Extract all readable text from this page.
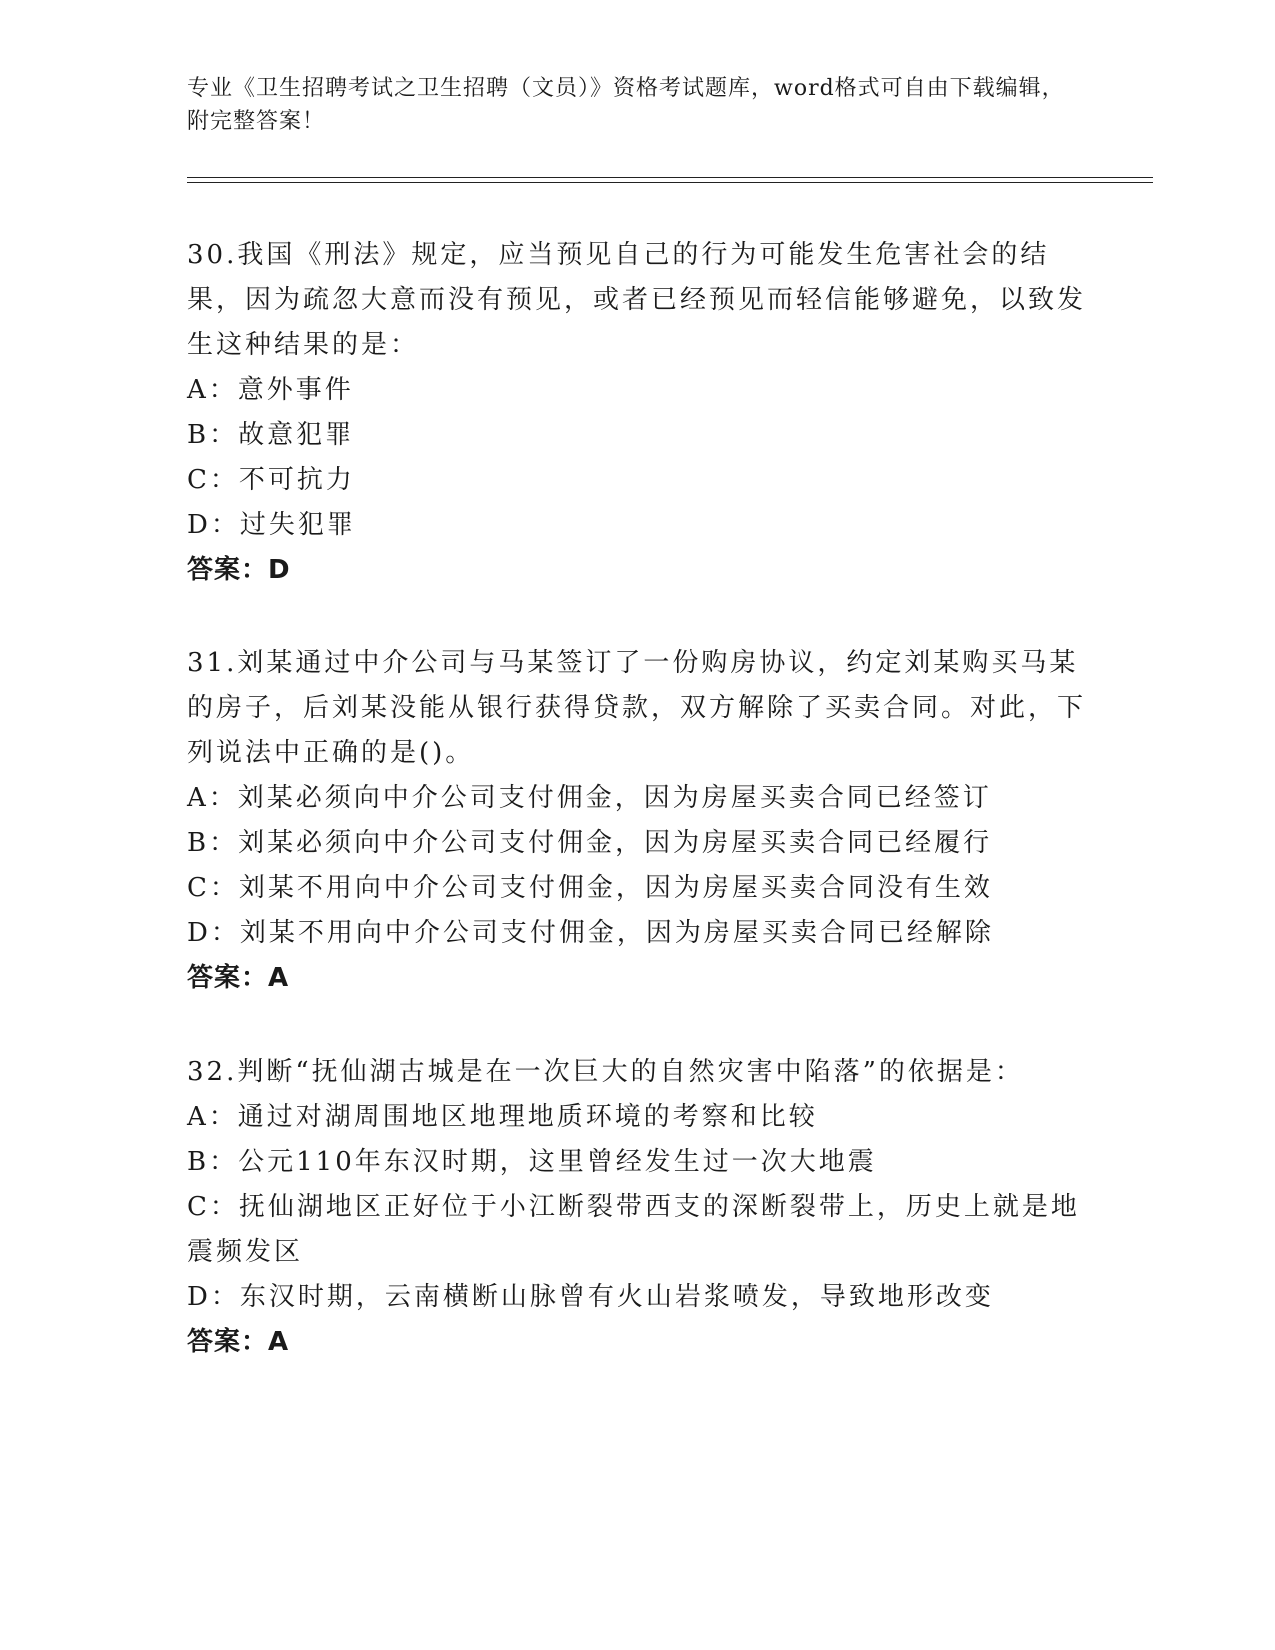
专业《卫生招聘考试之卫生招聘（文员）》资格考试题库，word格式可自由下载编辑，附完整答案！
30.我国《刑法》规定，应当预见自己的行为可能发生危害社会的结果，因为疏忽大意而没有预见，或者已经预见而轻信能够避免，以致发生这种结果的是：
A：意外事件
B：故意犯罪
C：不可抗力
D：过失犯罪
答案：D
31.刘某通过中介公司与马某签订了一份购房协议，约定刘某购买马某的房子，后刘某没能从银行获得贷款，双方解除了买卖合同。对此，下列说法中正确的是()。
A：刘某必须向中介公司支付佣金，因为房屋买卖合同已经签订
B：刘某必须向中介公司支付佣金，因为房屋买卖合同已经履行
C：刘某不用向中介公司支付佣金，因为房屋买卖合同没有生效
D：刘某不用向中介公司支付佣金，因为房屋买卖合同已经解除
答案：A
32.判断“抚仙湖古城是在一次巨大的自然灾害中陷落”的依据是：
A：通过对湖周围地区地理地质环境的考察和比较
B：公元110年东汉时期，这里曾经发生过一次大地震
C：抚仙湖地区正好位于小江断裂带西支的深断裂带上，历史上就是地震频发区
D：东汉时期，云南横断山脉曾有火山岩浆喷发，导致地形改变
答案：A
